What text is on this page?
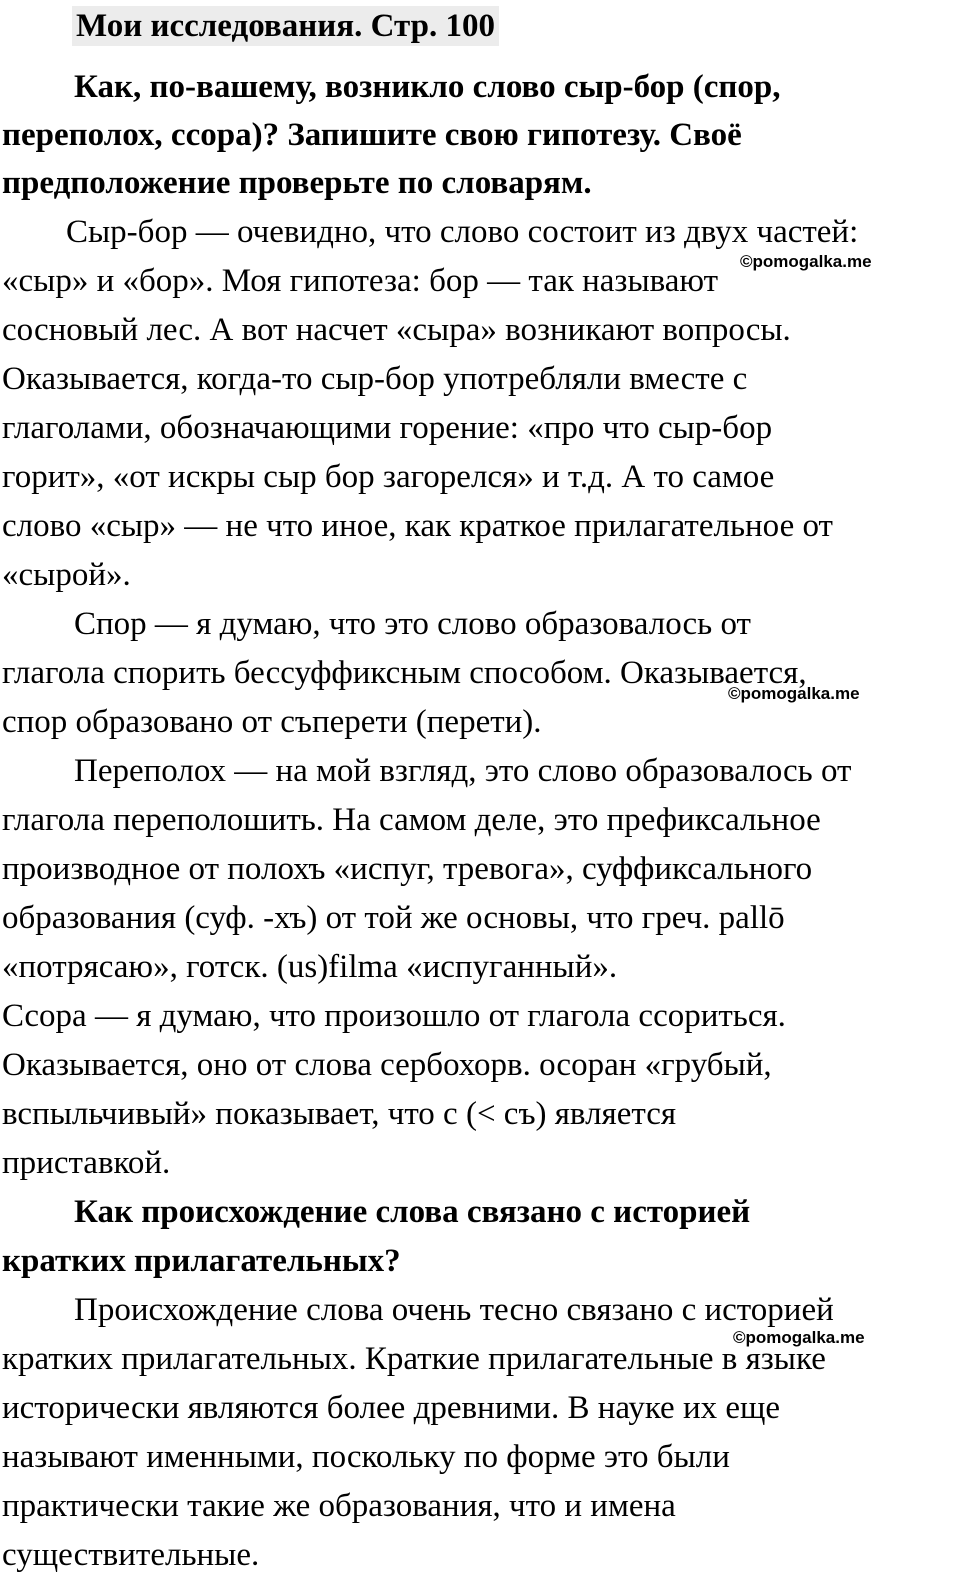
Мои исследования. Стр. 100
Как, по-вашему, возникло слово сыр-бор (спор,
переполох, ссора)? Запишите свою гипотезу. Своё
предположение проверьте по словарям.
Сыр-бор — очевидно, что слово состоит из двух частей:
«сыр» и «бор». Моя гипотеза: бор — так называют
сосновый лес. А вот насчет «сыра» возникают вопросы.
Оказывается, когда-то сыр-бор употребляли вместе с
глаголами, обозначающими горение: «про что сыр-бор
горит», «от искры сыр бор загорелся» и т.д. А то самое
слово «сыр» — не что иное, как краткое прилагательное от
«сырой».
Спор — я думаю, что это слово образовалось от
глагола спорить бессуффиксным способом. Оказывается,
спор образовано от съперети (перети).
Переполох — на мой взгляд, это слово образовалось от
глагола переполошить. На самом деле, это префиксальное
производное от полохъ «испуг, тревога», суффиксального
образования (суф. -хъ) от той же основы, что греч. pallō
«потрясаю», готск. (us)filma «испуганный».
Ссора — я думаю, что произошло от глагола ссориться.
Оказывается, оно от слова сербохорв. осоран «грубый,
вспыльчивый» показывает, что с (< съ) является
приставкой.
Как происхождение слова связано с историей
кратких прилагательных?
Происхождение слова очень тесно связано с историей
кратких прилагательных. Краткие прилагательные в языке
исторически являются более древними. В науке их еще
называют именными, поскольку по форме это были
практически такие же образования, что и имена
существительные.
©pomogalka.me
©pomogalka.me
©pomogalka.me
